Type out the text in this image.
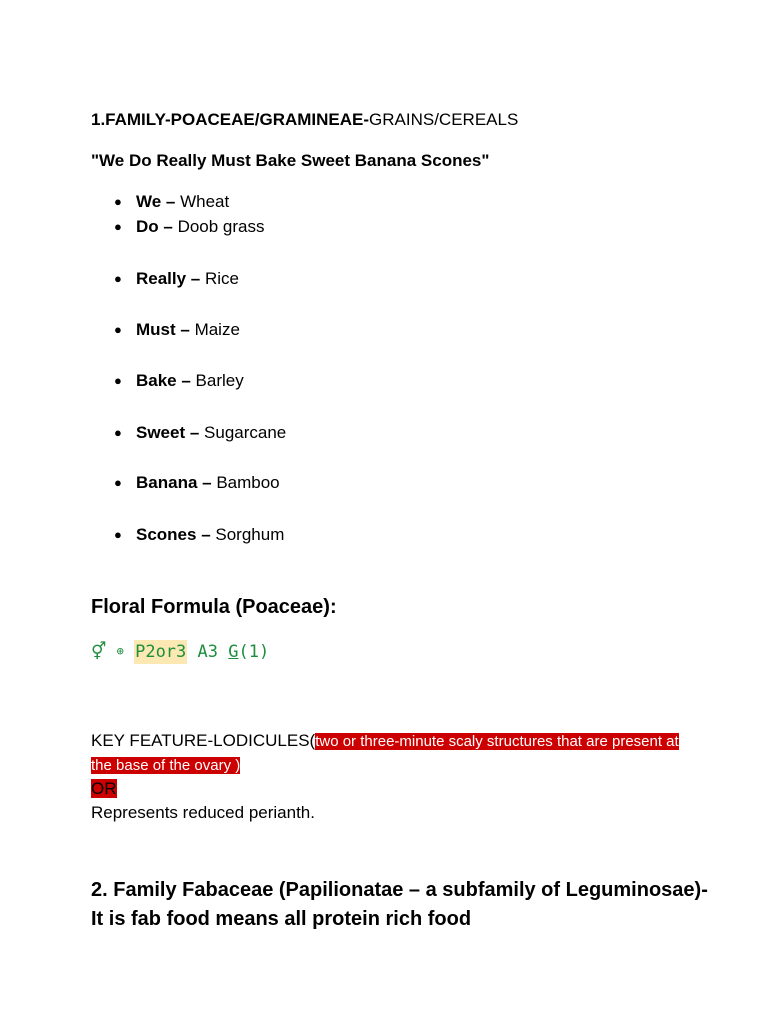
1.FAMILY-POACEAE/GRAMINEAE-GRAINS/CEREALS
"We Do Really Must Bake Sweet Banana Scones"
● We – Wheat
● Do – Doob grass
● Really – Rice
● Must – Maize
● Bake – Barley
● Sweet – Sugarcane
● Banana – Bamboo
● Scones – Sorghum
Floral Formula (Poaceae):
⚥ ⊕ P2or3 A3 G(1)
KEY FEATURE-LODICULES(two or three-minute scaly structures that are present at the base of the ovary )
OR
Represents reduced perianth.
2. Family Fabaceae (Papilionatae – a subfamily of Leguminosae)-It is fab food means all protein rich food
